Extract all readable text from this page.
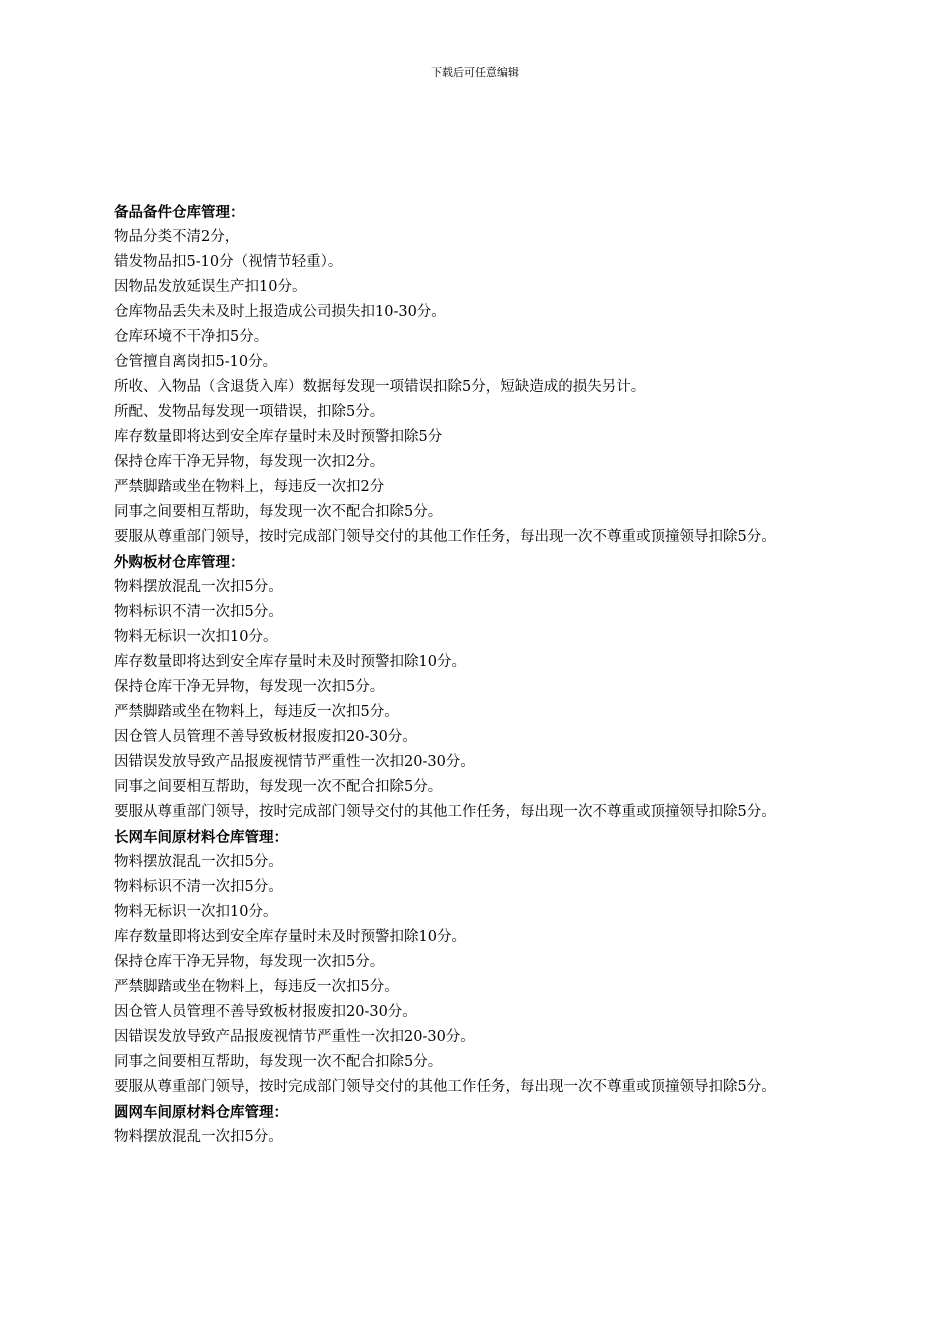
下载后可任意编辑
备品备件仓库管理：

物品分类不清2分，

错发物品扣5-10分（视情节轻重）。

因物品发放延误生产扣10分。

仓库物品丢失未及时上报造成公司损失扣10-30分。

仓库环境不干净扣5分。

仓管擅自离岗扣5-10分。

所收、入物品（含退货入库）数据每发现一项错误扣除5分，短缺造成的损失另计。

所配、发物品每发现一项错误，扣除5分。

库存数量即将达到安全库存量时未及时预警扣除5分

保持仓库干净无异物，每发现一次扣2分。

严禁脚踏或坐在物料上，每违反一次扣2分

同事之间要相互帮助，每发现一次不配合扣除5分。

要服从尊重部门领导，按时完成部门领导交付的其他工作任务，每出现一次不尊重或顶撞领导扣除5分。

外购板材仓库管理：

物料摆放混乱一次扣5分。

物料标识不清一次扣5分。

物料无标识一次扣10分。

库存数量即将达到安全库存量时未及时预警扣除10分。

保持仓库干净无异物，每发现一次扣5分。

严禁脚踏或坐在物料上，每违反一次扣5分。

因仓管人员管理不善导致板材报废扣20-30分。

因错误发放导致产品报废视情节严重性一次扣20-30分。

同事之间要相互帮助，每发现一次不配合扣除5分。

要服从尊重部门领导，按时完成部门领导交付的其他工作任务，每出现一次不尊重或顶撞领导扣除5分。

长网车间原材料仓库管理：

物料摆放混乱一次扣5分。

物料标识不清一次扣5分。

物料无标识一次扣10分。

库存数量即将达到安全库存量时未及时预警扣除10分。

保持仓库干净无异物，每发现一次扣5分。

严禁脚踏或坐在物料上，每违反一次扣5分。

因仓管人员管理不善导致板材报废扣20-30分。

因错误发放导致产品报废视情节严重性一次扣20-30分。

同事之间要相互帮助，每发现一次不配合扣除5分。

要服从尊重部门领导，按时完成部门领导交付的其他工作任务，每出现一次不尊重或顶撞领导扣除5分。

圆网车间原材料仓库管理：

物料摆放混乱一次扣5分。
